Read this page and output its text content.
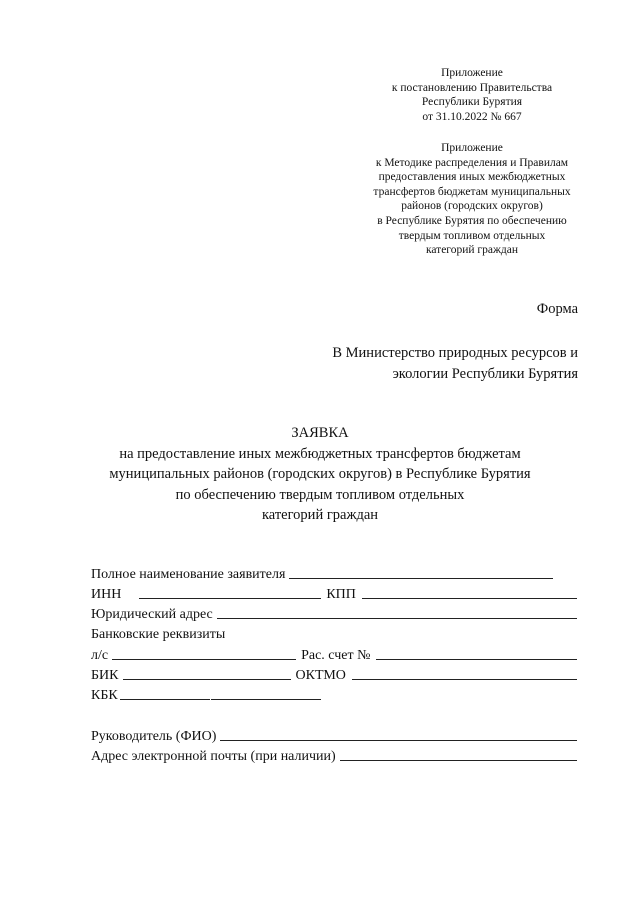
Приложение
к постановлению Правительства
Республики Бурятия
от 31.10.2022 № 667
Приложение
к Методике распределения и Правилам
предоставления иных межбюджетных
трансфертов бюджетам муниципальных
районов (городских округов)
в Республике Бурятия по обеспечению
твердым топливом отдельных
категорий граждан
Форма
В Министерство природных ресурсов и
экологии Республики Бурятия
ЗАЯВКА
на предоставление иных межбюджетных трансфертов бюджетам
муниципальных районов (городских округов) в Республике Бурятия
по обеспечению твердым топливом отдельных
категорий граждан
Полное наименование заявителя
ИНН	КПП
Юридический адрес
Банковские реквизиты
л/с	Рас. счет №
БИК	ОКТМО
КБК
Руководитель (ФИО)
Адрес электронной почты (при наличии)
